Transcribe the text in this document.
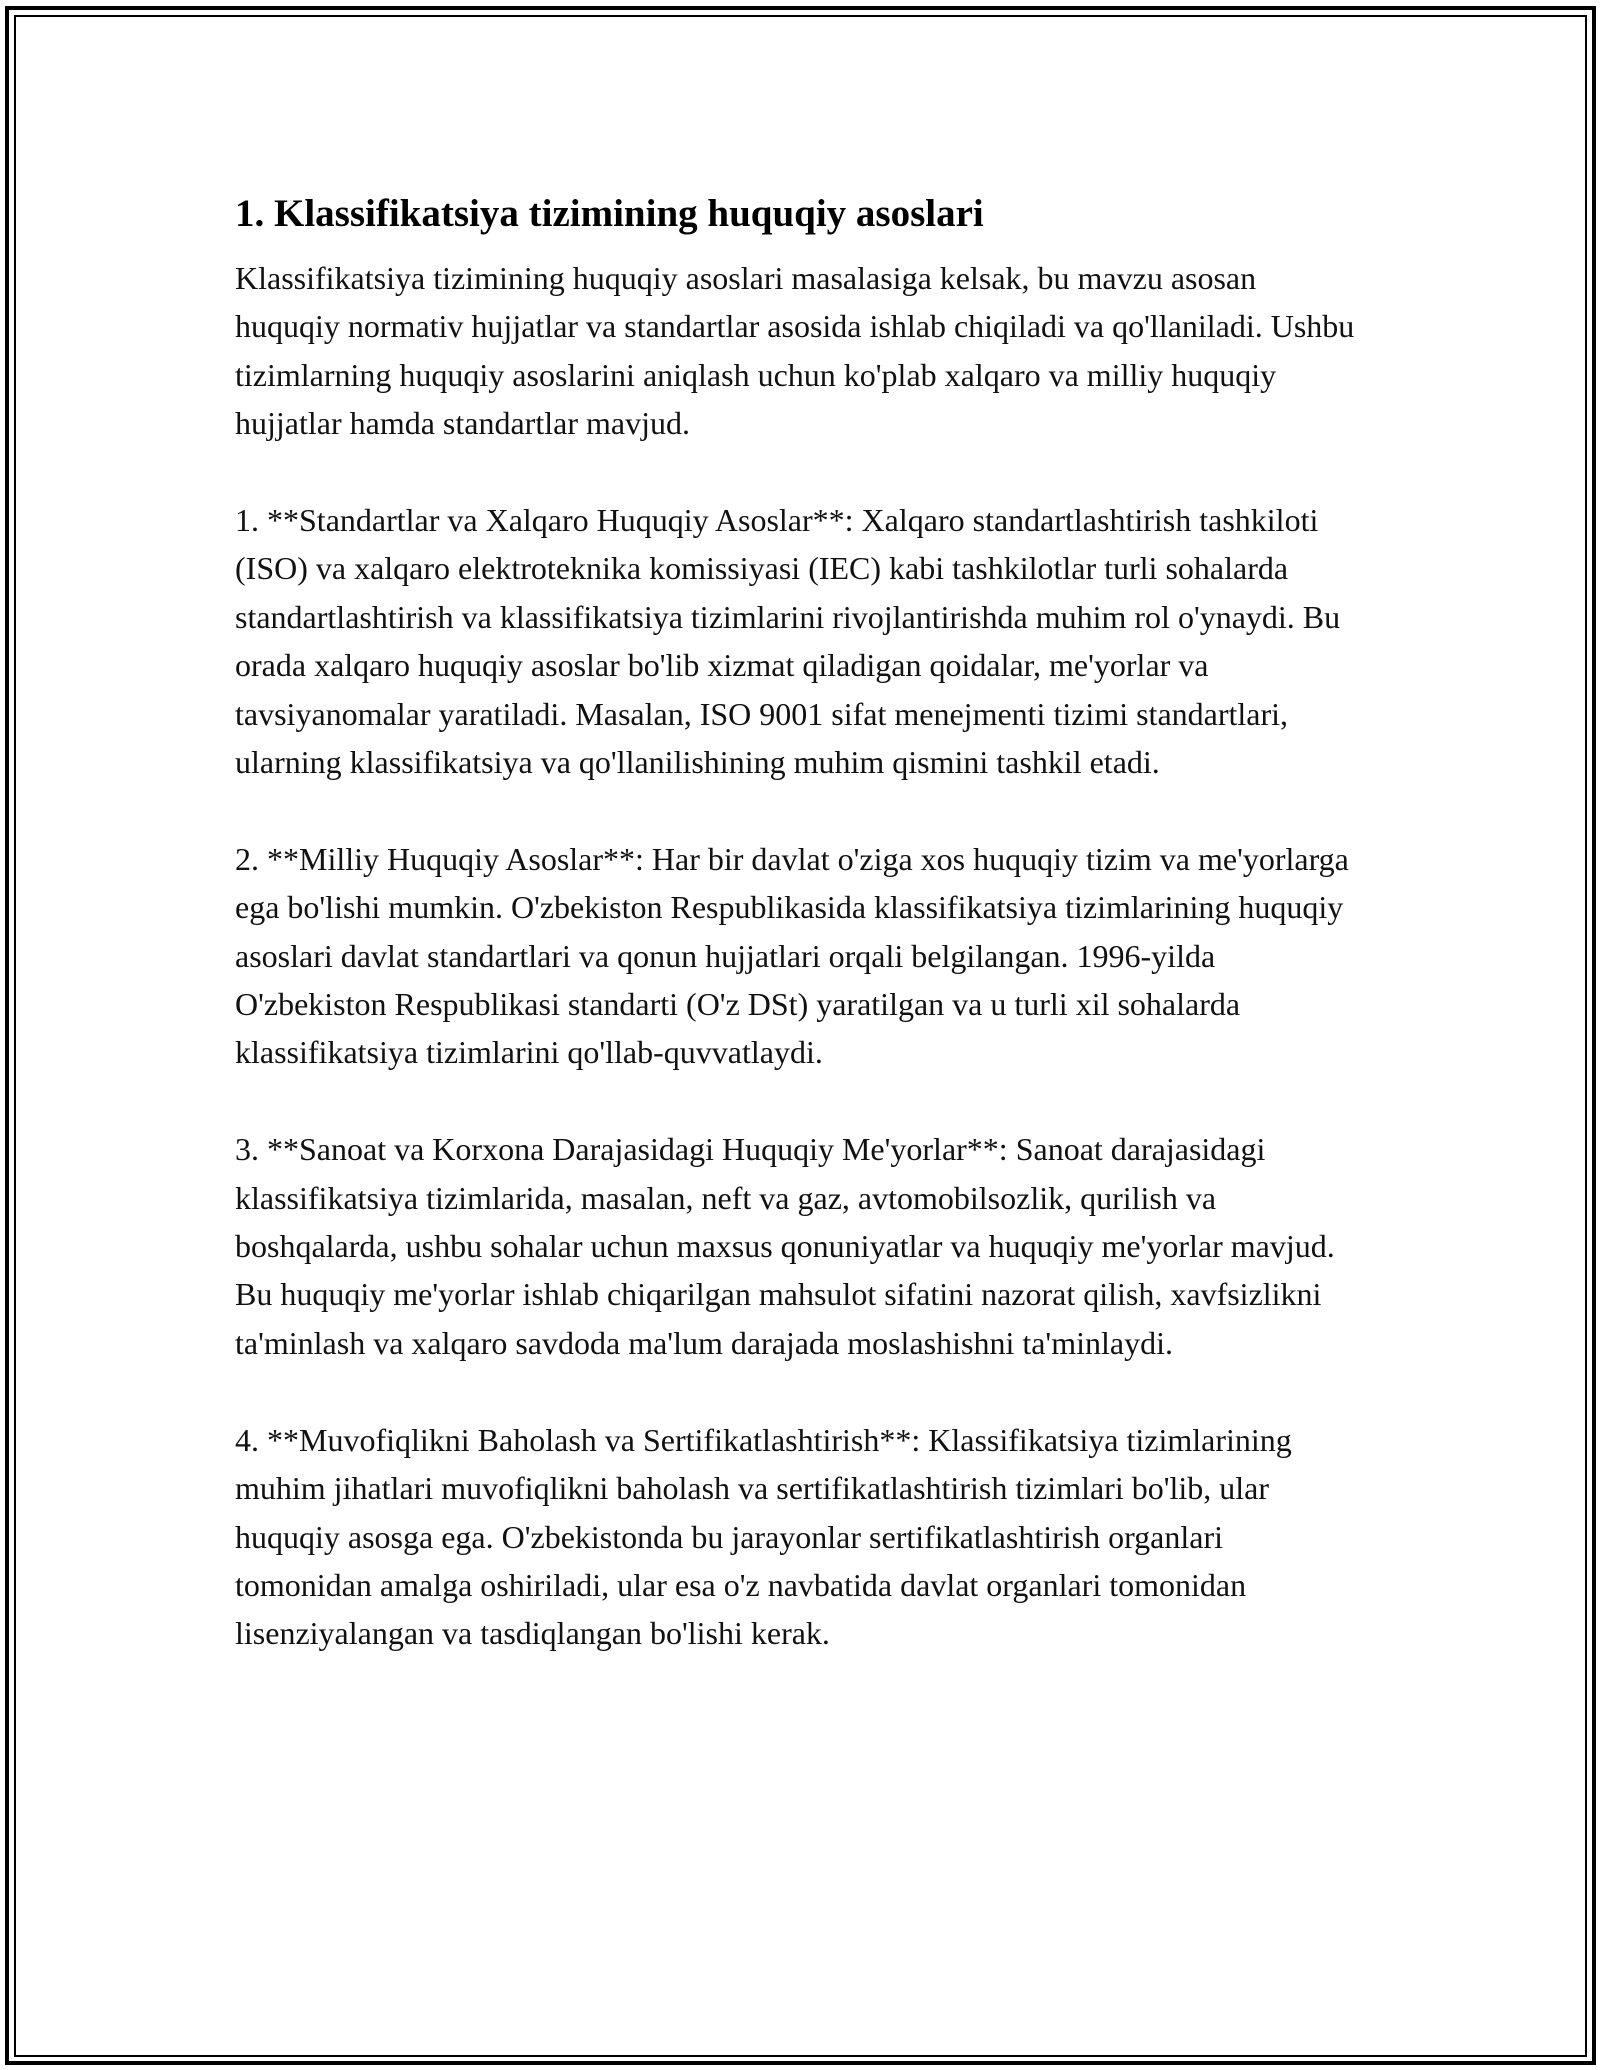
1. Klassifikatsiya tizimining huquqiy asoslari

Klassifikatsiya tizimining huquqiy asoslari masalasiga kelsak, bu mavzu asosan huquqiy normativ hujjatlar va standartlar asosida ishlab chiqiladi va qo'llaniladi. Ushbu tizimlarning huquqiy asoslarini aniqlash uchun ko'plab xalqaro va milliy huquqiy hujjatlar hamda standartlar mavjud.

1. **Standartlar va Xalqaro Huquqiy Asoslar**: Xalqaro standartlashtirish tashkiloti (ISO) va xalqaro elektroteknika komissiyasi (IEC) kabi tashkilotlar turli sohalarda standartlashtirish va klassifikatsiya tizimlarini rivojlantirishda muhim rol o'ynaydi. Bu orada xalqaro huquqiy asoslar bo'lib xizmat qiladigan qoidalar, me'yorlar va tavsiyanomalar yaratiladi. Masalan, ISO 9001 sifat menejmenti tizimi standartlari, ularning klassifikatsiya va qo'llanilishining muhim qismini tashkil etadi.

2. **Milliy Huquqiy Asoslar**: Har bir davlat o'ziga xos huquqiy tizim va me'yorlarga ega bo'lishi mumkin. O'zbekiston Respublikasida klassifikatsiya tizimlarining huquqiy asoslari davlat standartlari va qonun hujjatlari orqali belgilangan. 1996-yilda O'zbekiston Respublikasi standarti (O'z DSt) yaratilgan va u turli xil sohalarda klassifikatsiya tizimlarini qo'llab-quvvatlaydi.

3. **Sanoat va Korxona Darajasidagi Huquqiy Me'yorlar**: Sanoat darajasidagi klassifikatsiya tizimlarida, masalan, neft va gaz, avtomobilsozlik, qurilish va boshqalarda, ushbu sohalar uchun maxsus qonuniyatlar va huquqiy me'yorlar mavjud. Bu huquqiy me'yorlar ishlab chiqarilgan mahsulot sifatini nazorat qilish, xavfsizlikni ta'minlash va xalqaro savdoda ma'lum darajada moslashishni ta'minlaydi.

4. **Muvofiqlikni Baholash va Sertifikatlashtirish**: Klassifikatsiya tizimlarining muhim jihatlari muvofiqlikni baholash va sertifikatlashtirish tizimlari bo'lib, ular huquqiy asosga ega. O'zbekistonda bu jarayonlar sertifikatlashtirish organlari tomonidan amalga oshiriladi, ular esa o'z navbatida davlat organlari tomonidan lisenziyalangan va tasdiqlangan bo'lishi kerak.
